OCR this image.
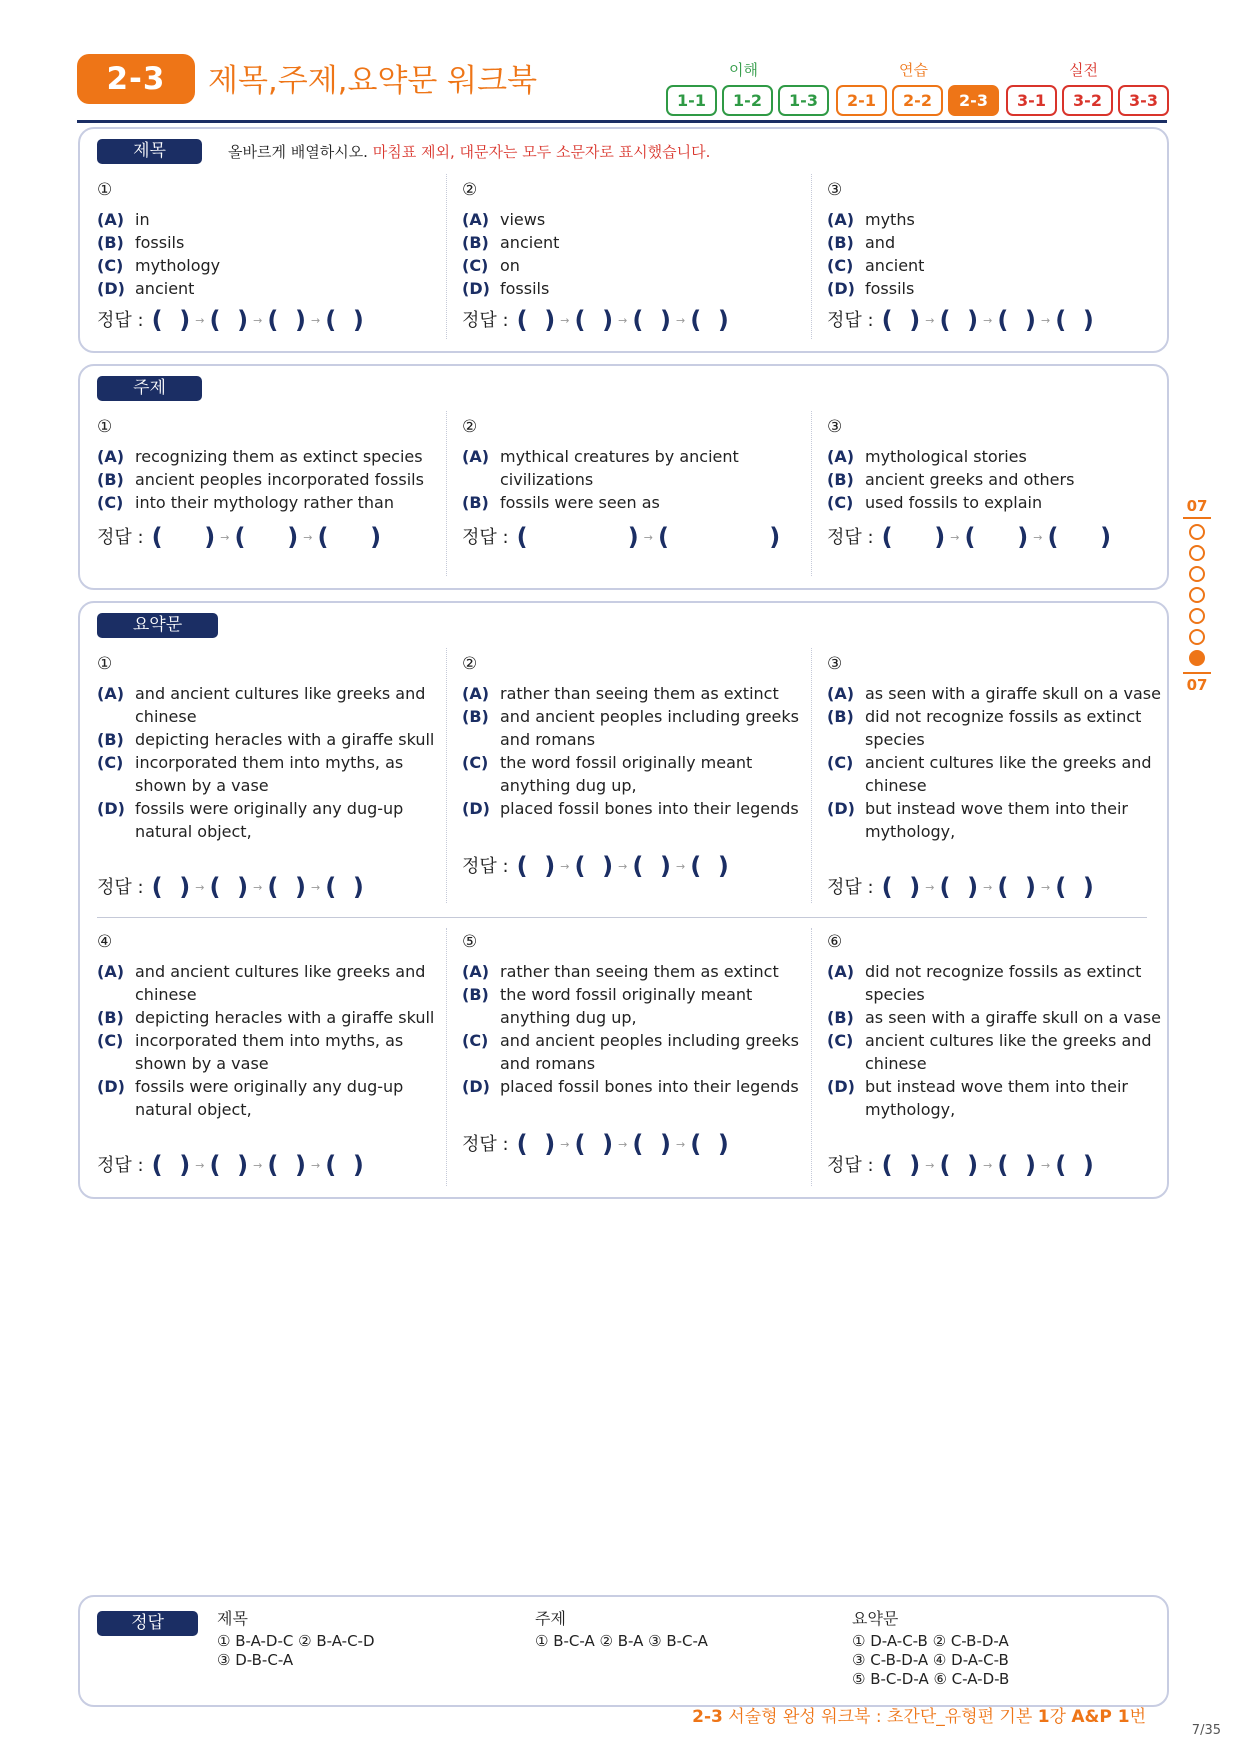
2-3	제목,주제,요약문 워크북	이해	연습	실전
1-1	1-2	1-3	2-1	2-2	2-3	3-1	3-2	3-3
제목	올바르게 배열하시오. 마침표 제외, 대문자는 모두 소문자로 표시했습니다.
①
(A) in
(B) fossils
(C) mythology
(D) ancient
정답 : (  ) → (  ) → (  ) → (  )
②
(A) views
(B) ancient
(C) on
(D) fossils
정답 : (  ) → (  ) → (  ) → (  )
③
(A) myths
(B) and
(C) ancient
(D) fossils
정답 : (  ) → (  ) → (  ) → (  )
주제
①
(A) recognizing them as extinct species
(B) ancient peoples incorporated fossils
(C) into their mythology rather than
정답 : (     ) → (     ) → (     )
②
(A) mythical creatures by ancient civilizations
(B) fossils were seen as
정답 : (            ) → (            )
③
(A) mythological stories
(B) ancient greeks and others
(C) used fossils to explain
정답 : (     ) → (     ) → (     )
요약문
①
(A) and ancient cultures like greeks and chinese
(B) depicting heracles with a giraffe skull
(C) incorporated them into myths, as shown by a vase
(D) fossils were originally any dug-up natural object,
정답 : (  ) → (  ) → (  ) → (  )
②
(A) rather than seeing them as extinct
(B) and ancient peoples including greeks and romans
(C) the word fossil originally meant anything dug up,
(D) placed fossil bones into their legends
정답 : (  ) → (  ) → (  ) → (  )
③
(A) as seen with a giraffe skull on a vase
(B) did not recognize fossils as extinct species
(C) ancient cultures like the greeks and chinese
(D) but instead wove them into their mythology,
정답 : (  ) → (  ) → (  ) → (  )
④
(A) and ancient cultures like greeks and chinese
(B) depicting heracles with a giraffe skull
(C) incorporated them into myths, as shown by a vase
(D) fossils were originally any dug-up natural object,
정답 : (  ) → (  ) → (  ) → (  )
⑤
(A) rather than seeing them as extinct
(B) the word fossil originally meant anything dug up,
(C) and ancient peoples including greeks and romans
(D) placed fossil bones into their legends
정답 : (  ) → (  ) → (  ) → (  )
⑥
(A) did not recognize fossils as extinct species
(B) as seen with a giraffe skull on a vase
(C) ancient cultures like the greeks and chinese
(D) but instead wove them into their mythology,
정답 : (  ) → (  ) → (  ) → (  )
07
07
정답	제목
① B-A-D-C ② B-A-C-D
③ D-B-C-A
주제
① B-C-A ② B-A ③ B-C-A
요약문
① D-A-C-B ② C-B-D-A
③ C-B-D-A ④ D-A-C-B
⑤ B-C-D-A ⑥ C-A-D-B
2-3 서술형 완성 워크북 : 초간단_유형편 기본 1강 A&P 1번
7/35
